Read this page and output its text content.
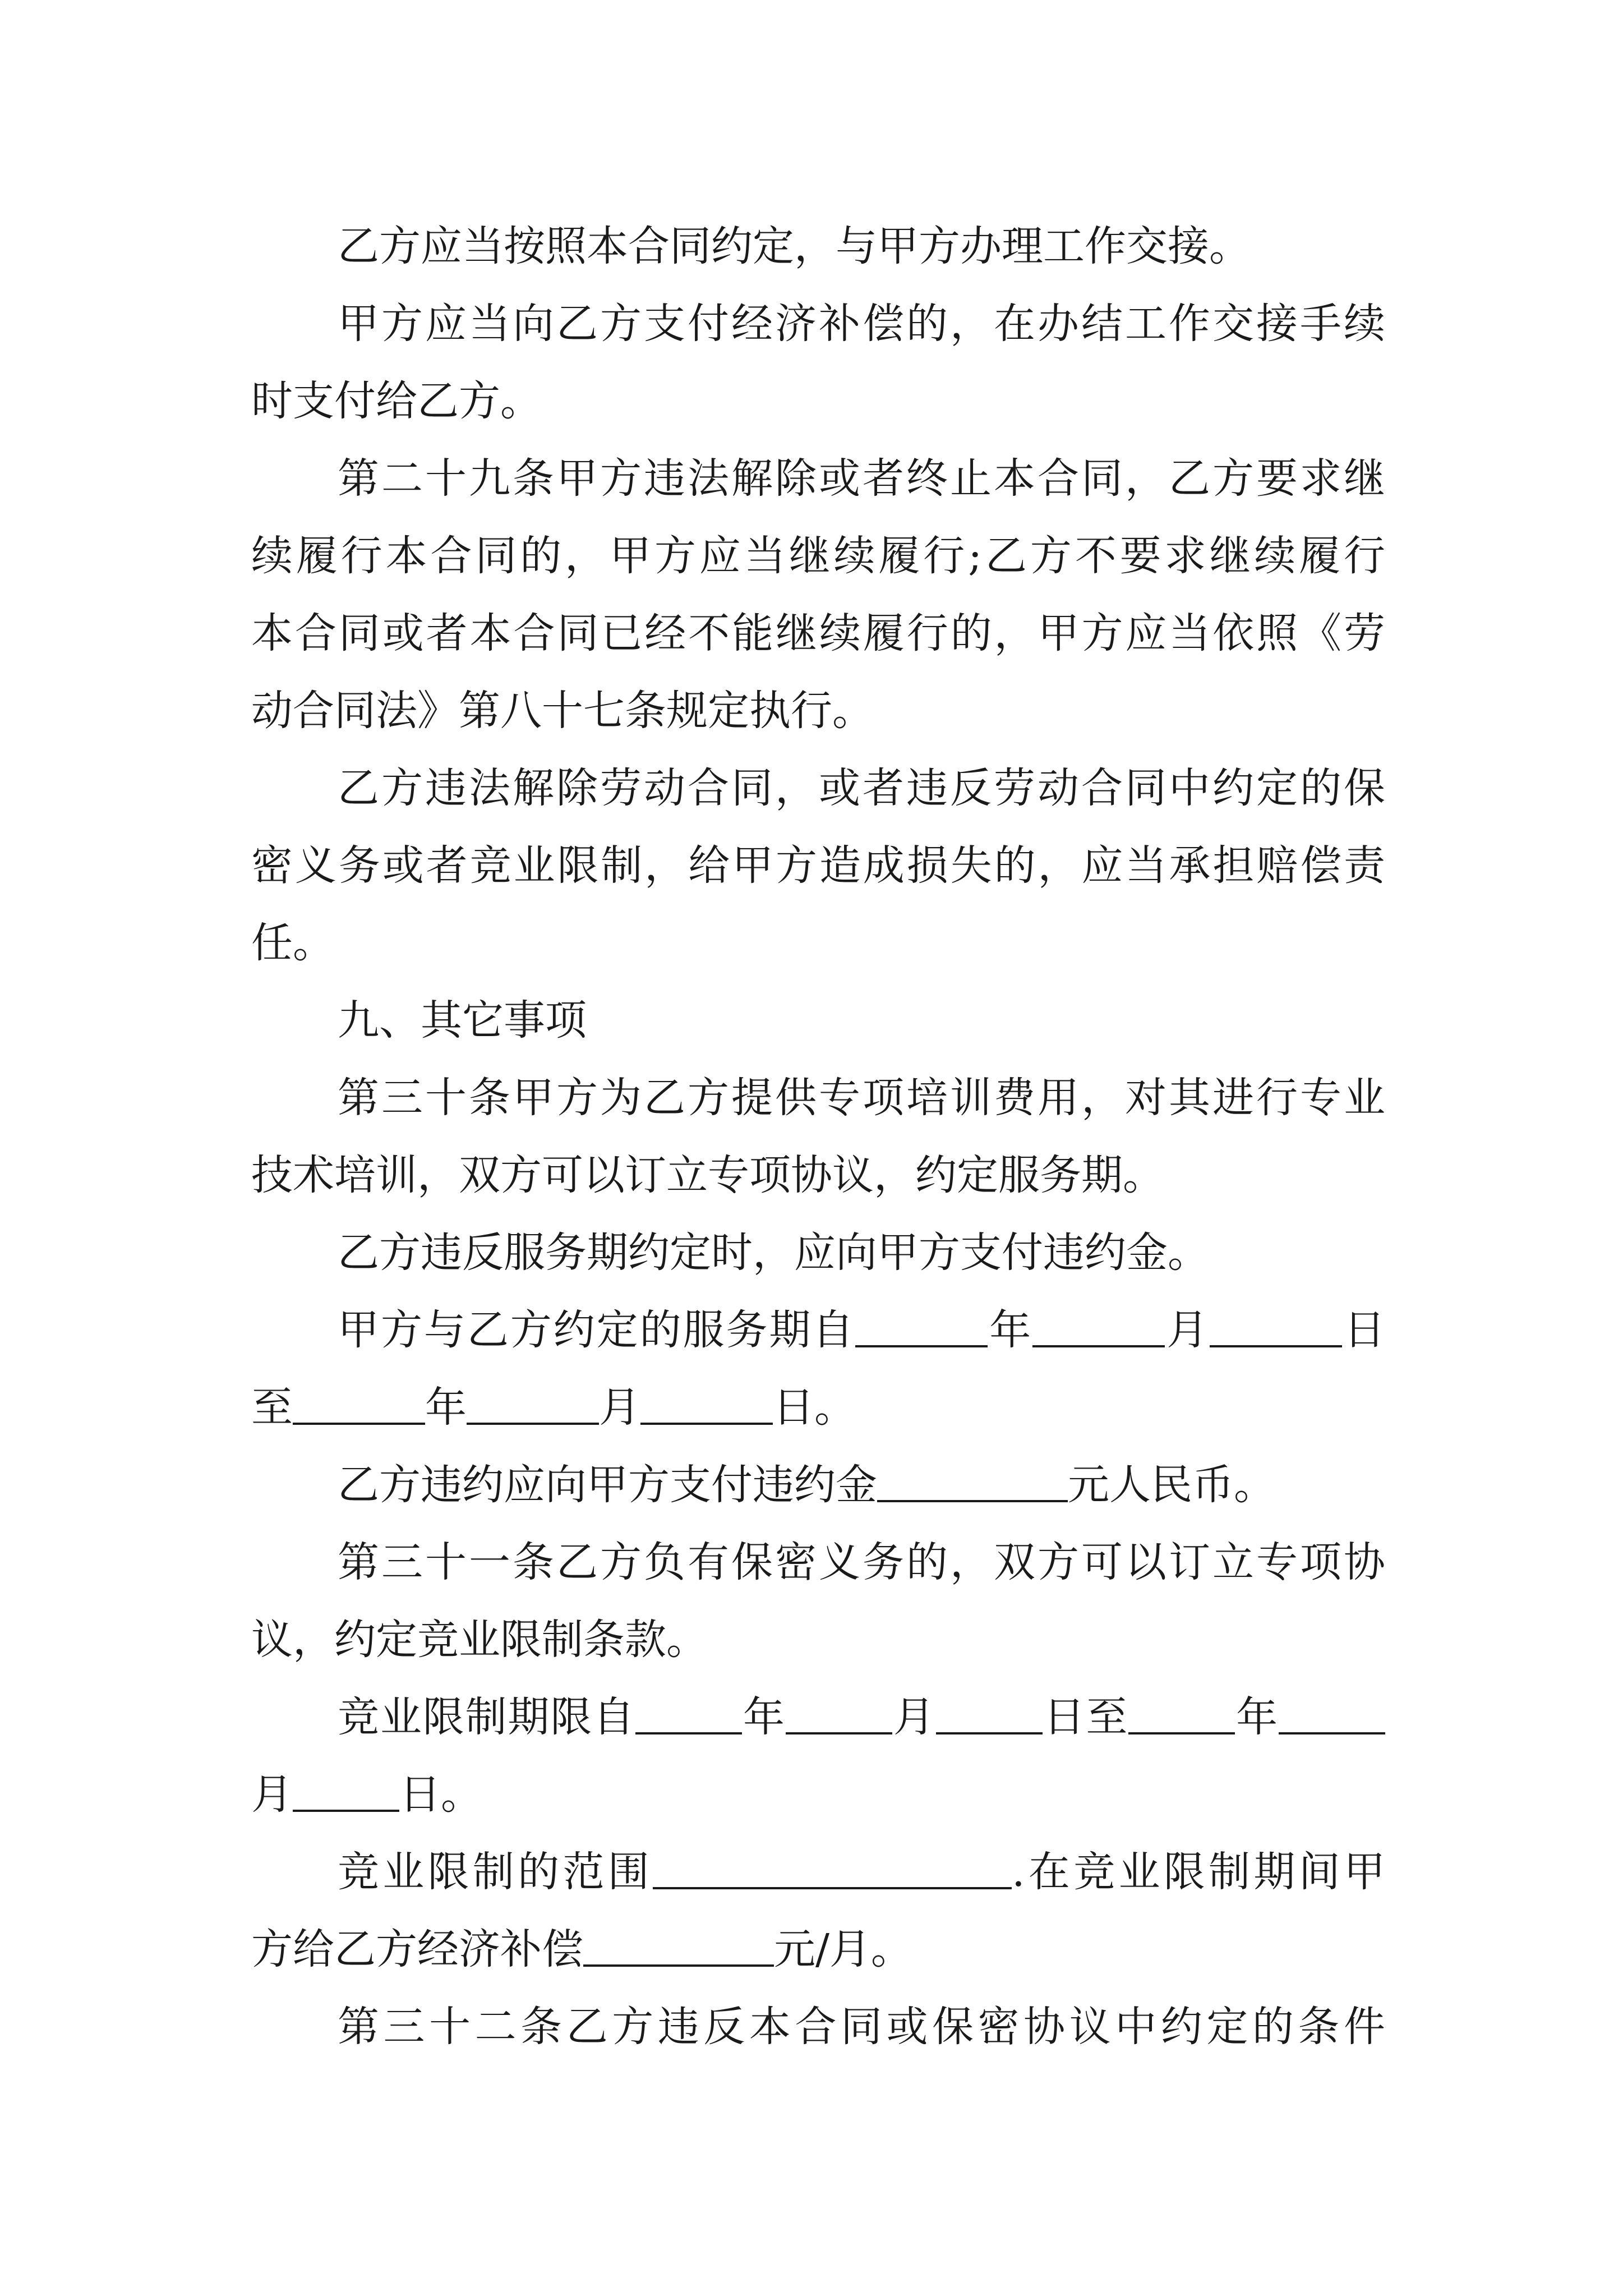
乙方应当按照本合同约定，与甲方办理工作交接。
甲方应当向乙方支付经济补偿的，在办结工作交接手续
时支付给乙方。
第二十九条甲方违法解除或者终止本合同，乙方要求继
续履行本合同的，甲方应当继续履行;乙方不要求继续履行
本合同或者本合同已经不能继续履行的，甲方应当依照《劳
动合同法》第八十七条规定执行。
乙方违法解除劳动合同，或者违反劳动合同中约定的保
密义务或者竞业限制，给甲方造成损失的，应当承担赔偿责
任。
九、其它事项
第三十条甲方为乙方提供专项培训费用，对其进行专业
技术培训，双方可以订立专项协议，约定服务期。
乙方违反服务期约定时，应向甲方支付违约金。
甲方与乙方约定的服务期自	年	月	日
至	年	月	日。
乙方违约应向甲方支付违约金	元人民币。
第三十一条乙方负有保密义务的，双方可以订立专项协
议，约定竞业限制条款。
竞业限制期限自	年	月	日至	年
月	日。
竞业限制的范围	.在竞业限制期间甲
方给乙方经济补偿	元/月。
第三十二条乙方违反本合同或保密协议中约定的条件
